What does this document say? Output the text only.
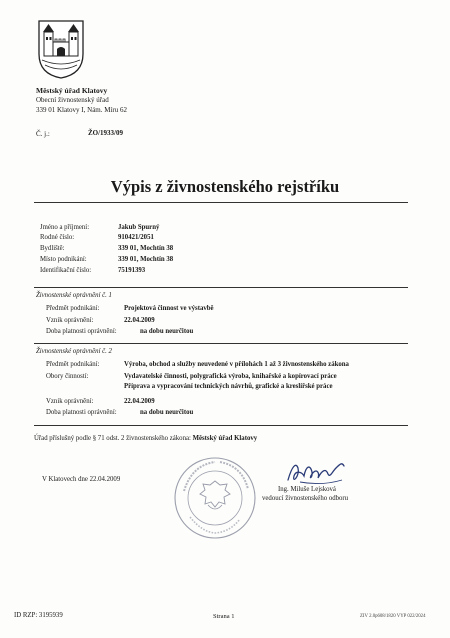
Městský úřad Klatovy
Obecní živnostenský úřad
339 01 Klatovy I, Nám. Míru 62
Č. j.:	ŽO/1933/09
Výpis z živnostenského rejstříku
Jméno a příjmení:	Jakub Spurný
Rodné číslo:	910421/2051
Bydliště:	339 01, Mochtín 38
Místo podnikání:	339 01, Mochtín 38
Identifikační číslo:	75191393
Živnostenské oprávnění č. 1
Předmět podnikání:	Projektová činnost ve výstavbě
Vznik oprávnění:	22.04.2009
Doba platnosti oprávnění:	na dobu neurčitou
Živnostenské oprávnění č. 2
Předmět podnikání:	Výroba, obchod a služby neuvedené v přílohách 1 až 3 živnostenského zákona
Obory činností:	Vydavatelské činnosti, polygrafická výroba, knihařské a kopírovací práce
Příprava a vypracování technických návrhů, grafické a kreslířské práce
Vznik oprávnění:	22.04.2009
Doba platnosti oprávnění:	na dobu neurčitou
Úřad příslušný podle § 71 odst. 2 živnostenského zákona: Městský úřad Klatovy
V Klatovech dne 22.04.2009
Ing. Miluše Lejsková
vedoucí živnostenského odboru
ID RZP: 3195939	Strana 1	ZIV 2.0p608/1820 VYP 022/2024
